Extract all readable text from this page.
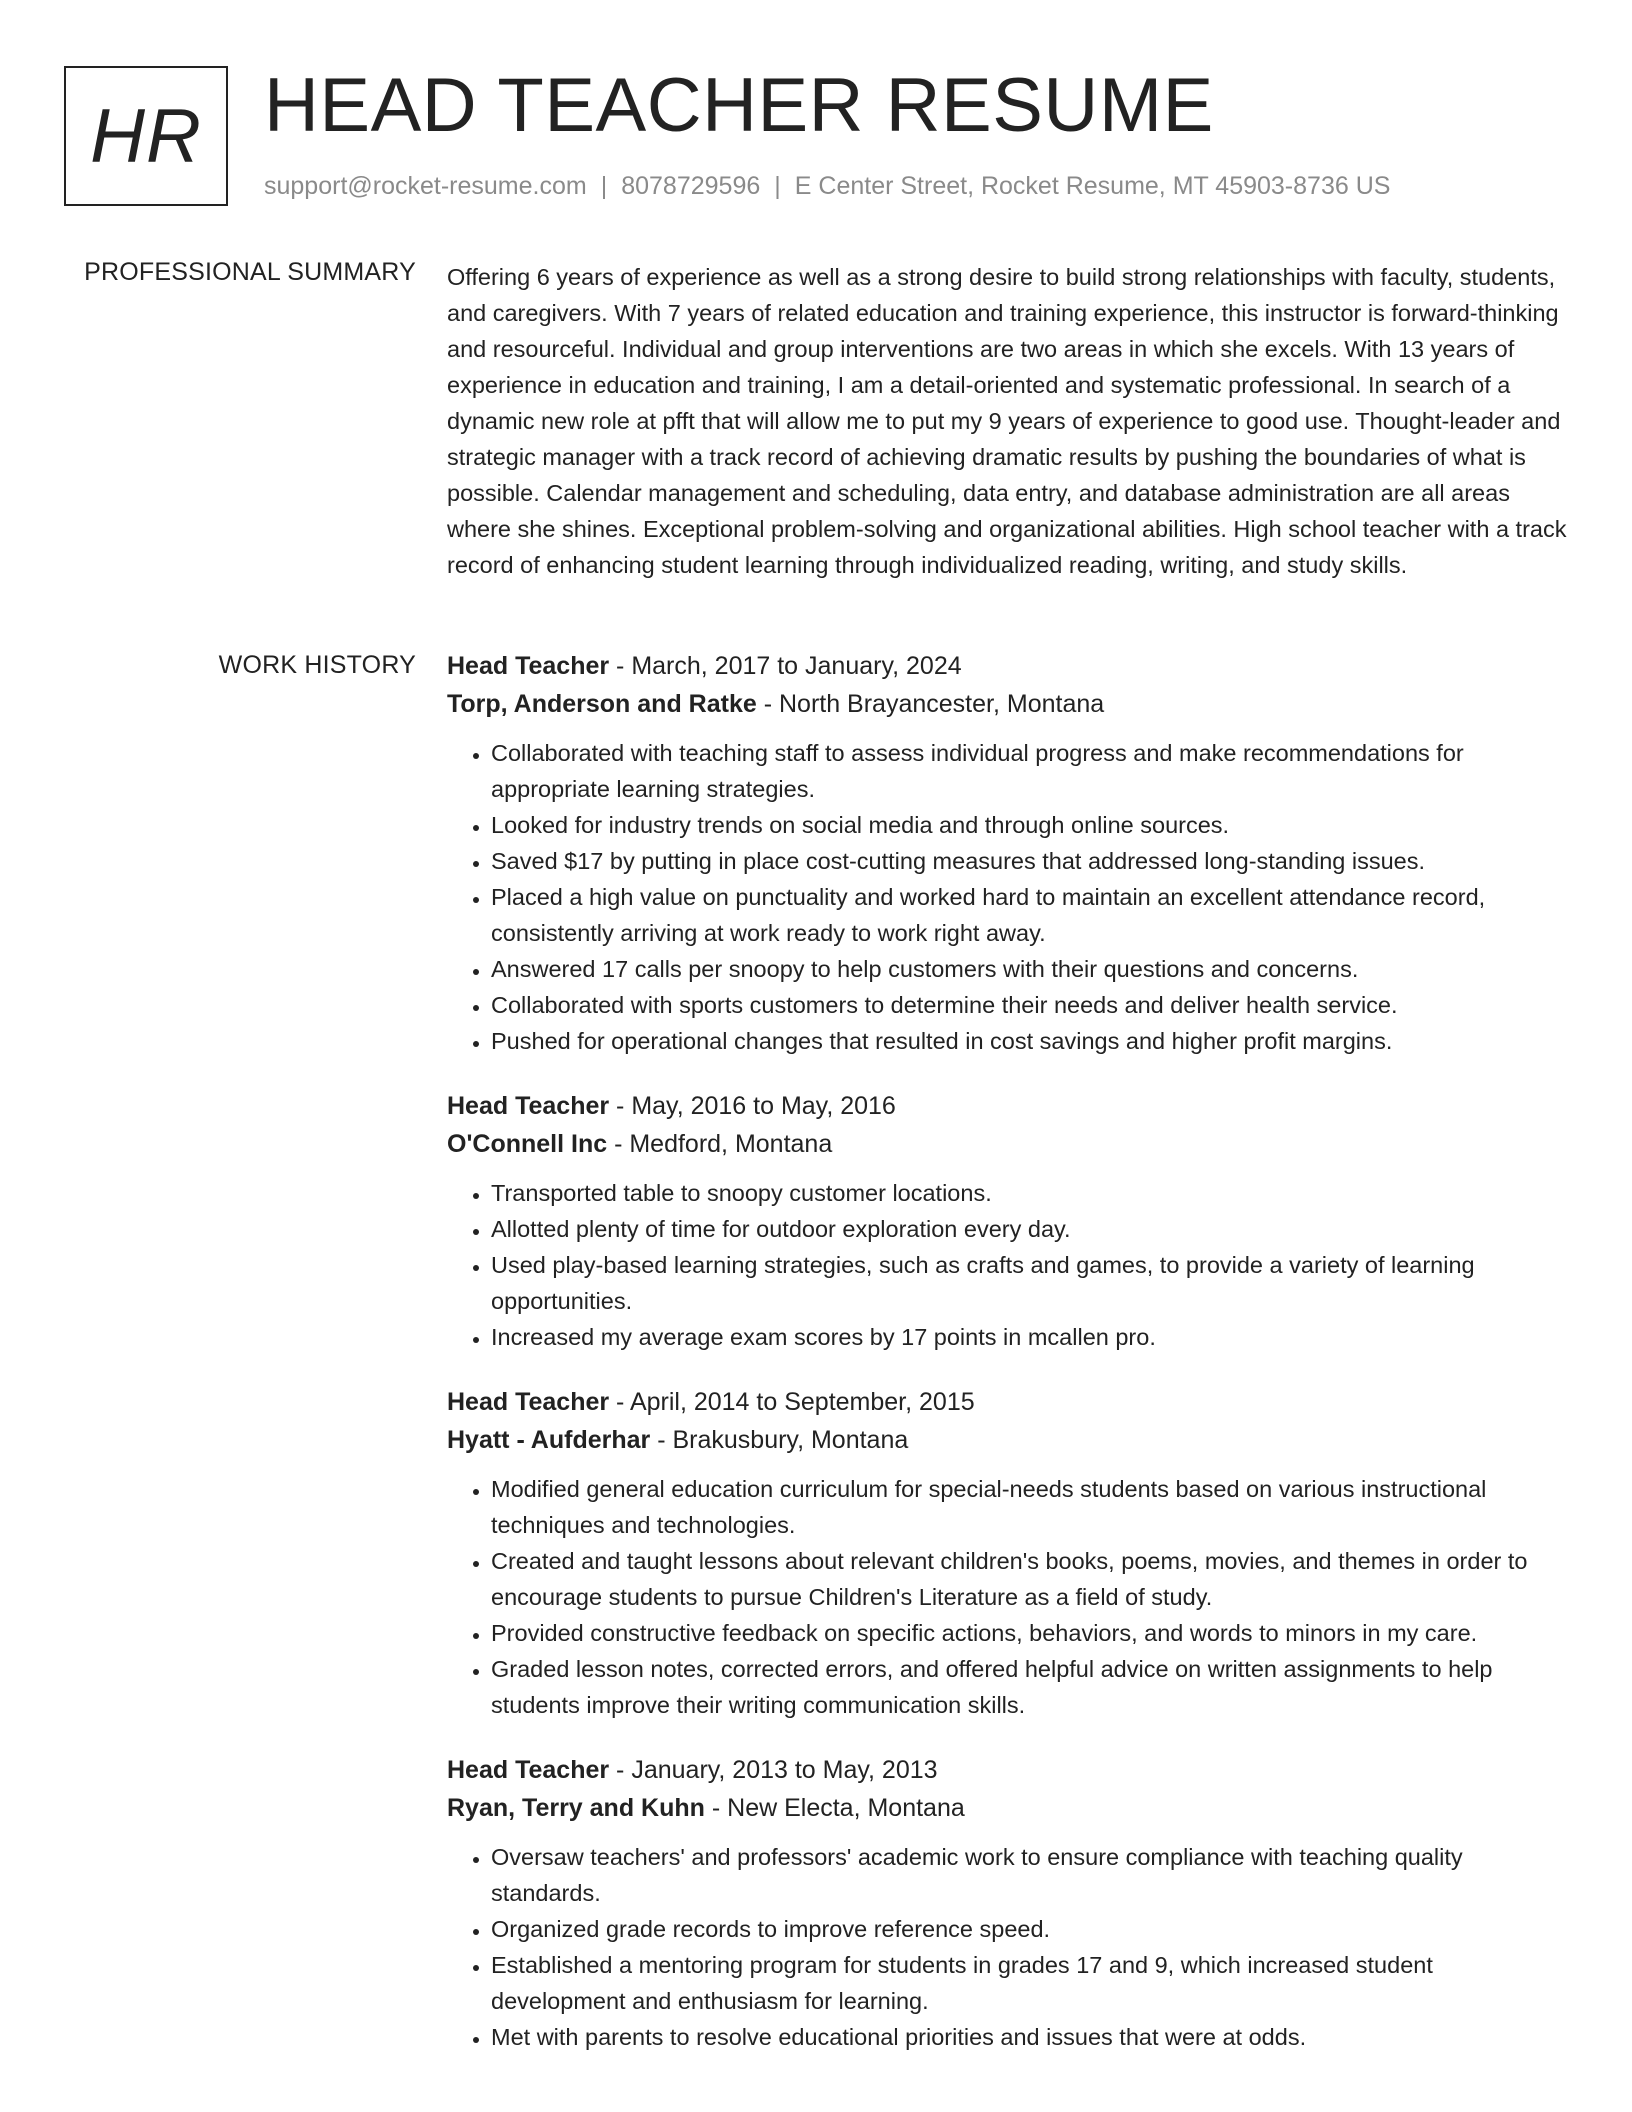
HR HEAD TEACHER RESUME
support@rocket-resume.com | 8078729596 | E Center Street, Rocket Resume, MT 45903-8736 US
PROFESSIONAL SUMMARY Offering 6 years of experience as well as a strong desire to build strong relationships with faculty, students, and caregivers. With 7 years of related education and training experience, this instructor is forward-thinking and resourceful. Individual and group interventions are two areas in which she excels. With 13 years of experience in education and training, I am a detail-oriented and systematic professional. In search of a dynamic new role at pfft that will allow me to put my 9 years of experience to good use. Thought-leader and strategic manager with a track record of achieving dramatic results by pushing the boundaries of what is possible. Calendar management and scheduling, data entry, and database administration are all areas where she shines. Exceptional problem-solving and organizational abilities. High school teacher with a track record of enhancing student learning through individualized reading, writing, and study skills.

WORK HISTORY Head Teacher - March, 2017 to January, 2024
Torp, Anderson and Ratke - North Brayancester, Montana
• Collaborated with teaching staff to assess individual progress and make recommendations for appropriate learning strategies.
• Looked for industry trends on social media and through online sources.
• Saved $17 by putting in place cost-cutting measures that addressed long-standing issues.
• Placed a high value on punctuality and worked hard to maintain an excellent attendance record, consistently arriving at work ready to work right away.
• Answered 17 calls per snoopy to help customers with their questions and concerns.
• Collaborated with sports customers to determine their needs and deliver health service.
• Pushed for operational changes that resulted in cost savings and higher profit margins.
Head Teacher - May, 2016 to May, 2016
O'Connell Inc - Medford, Montana
• Transported table to snoopy customer locations.
• Allotted plenty of time for outdoor exploration every day.
• Used play-based learning strategies, such as crafts and games, to provide a variety of learning opportunities.
• Increased my average exam scores by 17 points in mcallen pro.
Head Teacher - April, 2014 to September, 2015
Hyatt - Aufderhar - Brakusbury, Montana
• Modified general education curriculum for special-needs students based on various instructional techniques and technologies.
• Created and taught lessons about relevant children's books, poems, movies, and themes in order to encourage students to pursue Children's Literature as a field of study.
• Provided constructive feedback on specific actions, behaviors, and words to minors in my care.
• Graded lesson notes, corrected errors, and offered helpful advice on written assignments to help students improve their writing communication skills.
Head Teacher - January, 2013 to May, 2013
Ryan, Terry and Kuhn - New Electa, Montana
• Oversaw teachers' and professors' academic work to ensure compliance with teaching quality standards.
• Organized grade records to improve reference speed.
• Established a mentoring program for students in grades 17 and 9, which increased student development and enthusiasm for learning.
• Met with parents to resolve educational priorities and issues that were at odds.
